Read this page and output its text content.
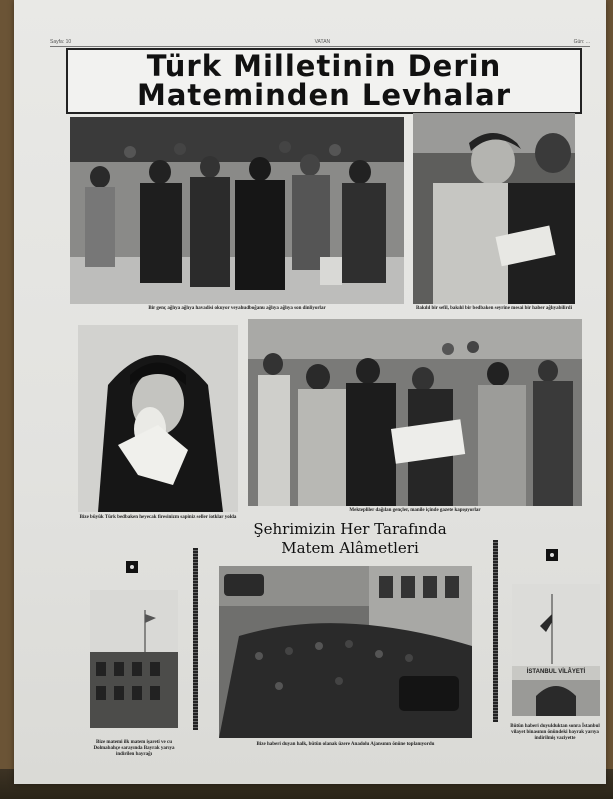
Sayfa: 10	VATAN	Gün: ...
Türk Milletinin Derin
Mateminden Levhalar
Bir genç ağlıya ağlıya havadisi okuyor veyahudboğanu ağlıya ağlıya son dinliyorlar	Bakılıl bir sefil, bakılıl bir bedbaken seyrine mesai bir haber ağlıyabilirdi
Bize büyük Türk bedbaken heyecak firesinizm sapiniz seller iotklar yolda
Mektepliler dağılan gençler, manile içinde gazete kapışıyorlar
Şehrimizin Her Tarafında
Matem Alâmetleri
Bize matemi ilk matem işareti ve cu Dolmabahçe sarayında Bayrak yarıya indirilen bayrağı
Bize haberi duyan halk, bütün olanak üzere Anadolu Ajansının önüne toplanıyordu
İSTANBUL VİLÂYETİ
Bütün haberi duyulduktan sonra İstanbul vilayet binasının önündeki bayrak yarıya indirilmiş vaziyette
